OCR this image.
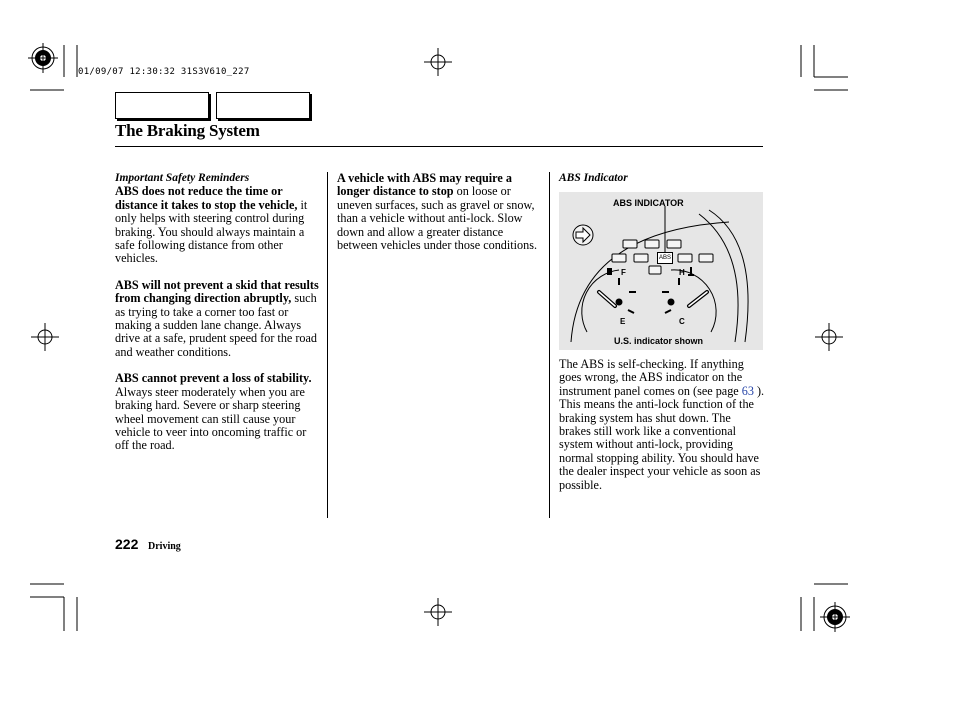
01/09/07 12:30:32 31S3V610_227
The Braking System
Important Safety Reminders

ABS does not reduce the time or distance it takes to stop the vehicle, it only helps with steering control during braking. You should always maintain a safe following distance from other vehicles.

ABS will not prevent a skid that results from changing direction abruptly, such as trying to take a corner too fast or making a sudden lane change. Always drive at a safe, prudent speed for the road and weather conditions.

ABS cannot prevent a loss of stability. Always steer moderately when you are braking hard. Severe or sharp steering wheel movement can still cause your vehicle to veer into oncoming traffic or off the road.

A vehicle with ABS may require a longer distance to stop on loose or uneven surfaces, such as gravel or snow, than a vehicle without anti-lock. Slow down and allow a greater distance between vehicles under those conditions.

ABS Indicator
ABS INDICATOR
ABS
F
E
H
C
U.S. indicator shown

The ABS is self-checking. If anything goes wrong, the ABS indicator on the instrument panel comes on (see page 63 ). This means the anti-lock function of the braking system has shut down. The brakes still work like a conventional system without anti-lock, providing normal stopping ability. You should have the dealer inspect your vehicle as soon as possible.

222 Driving
